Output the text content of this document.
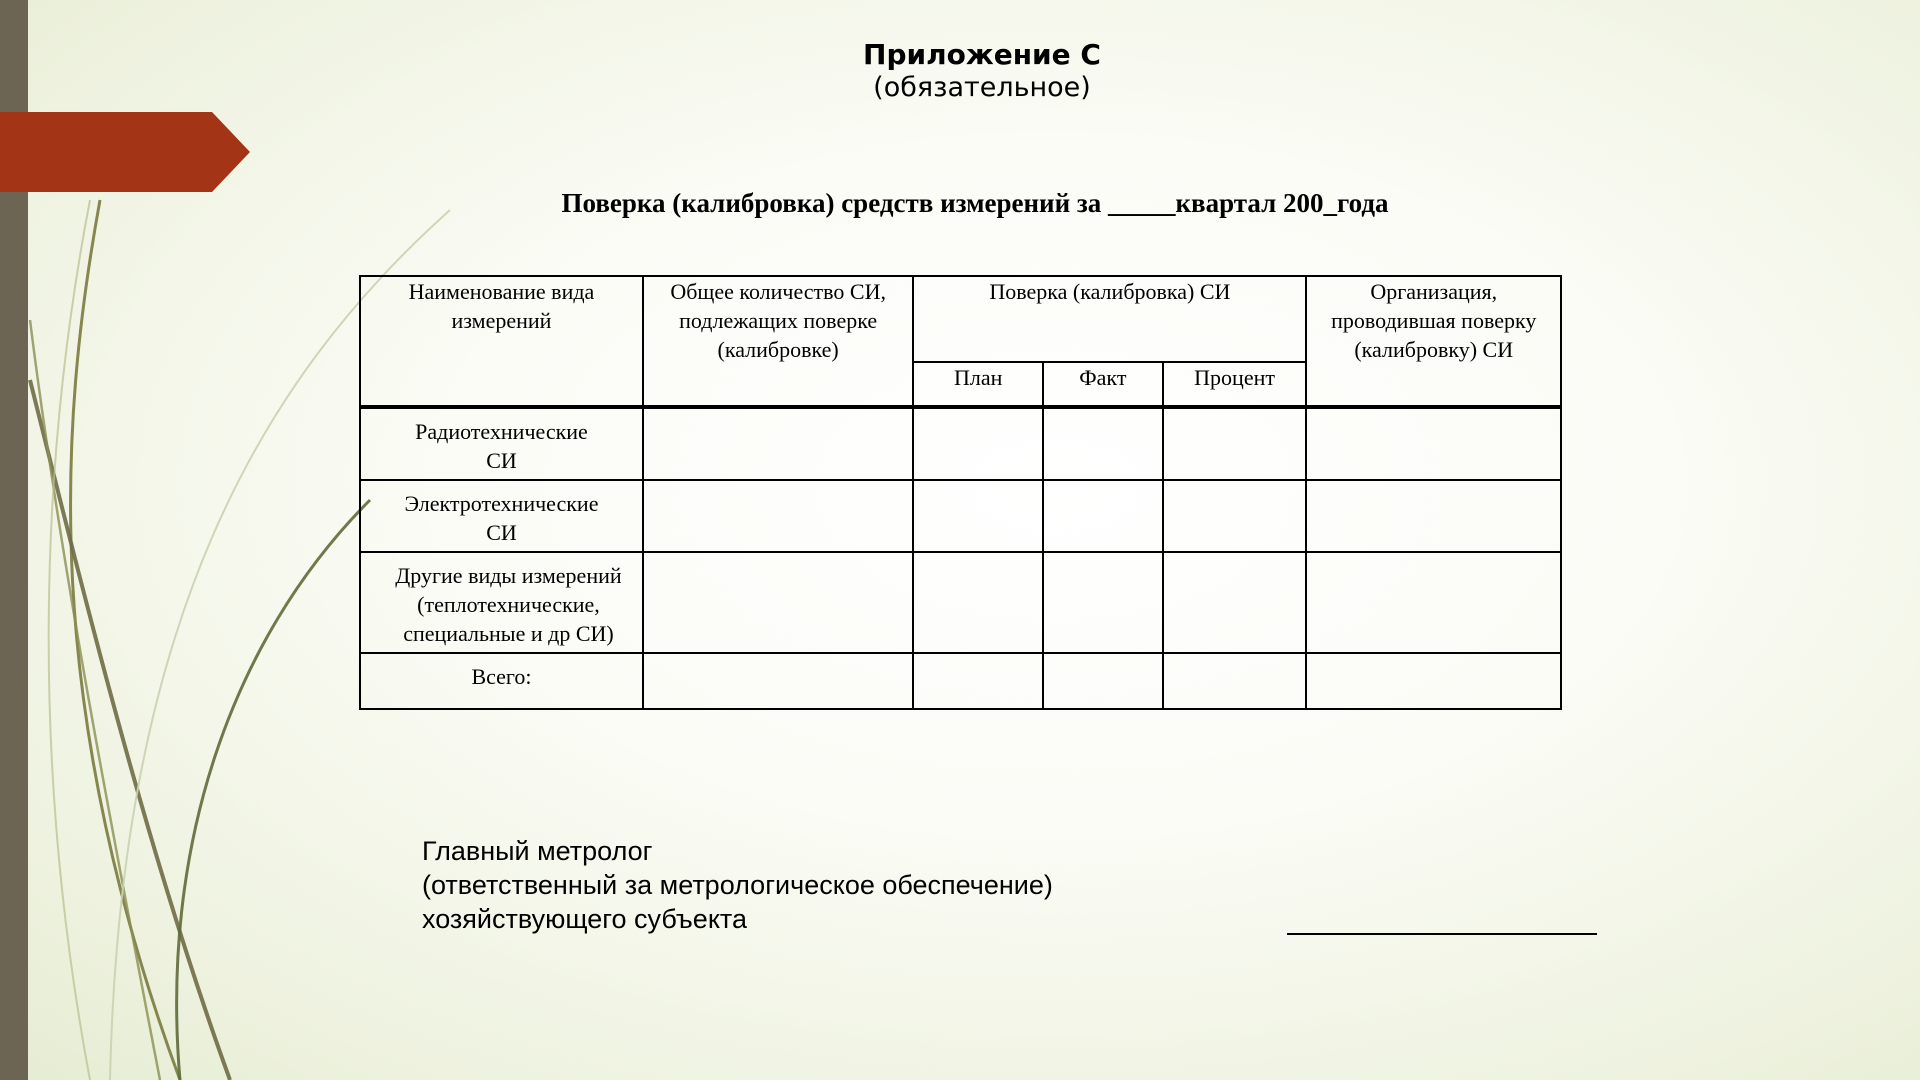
Приложение С
(обязательное)
Поверка (калибровка) средств измерений за _____квартал 200_года
Наименование вида измерений	Общее количество СИ, подлежащих поверке (калибровке)	Поверка (калибровка) СИ			Организация, проводившая поверку (калибровку) СИ
		План	Факт	Процент	
Радиотехнические СИ					
Электротехнические СИ					
Другие виды измерений (теплотехнические, специальные и др СИ)					
Всего:					
Главный метролог
(ответственный за метрологическое обеспечение)
хозяйствующего субъекта
